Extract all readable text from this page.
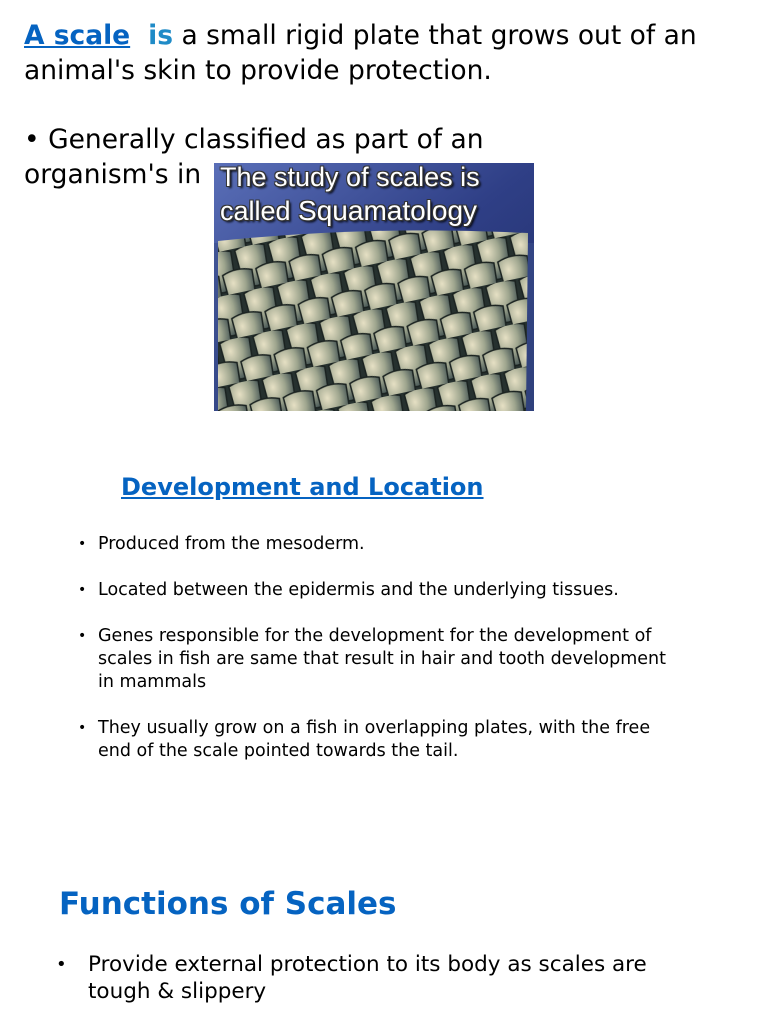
A scale is a small rigid plate that grows out of an animal's skin to provide protection.

• Generally classified as part of an organism's in The study of scales is
called Squamatology

Development and Location
• Produced from the mesoderm.
• Located between the epidermis and the underlying tissues.
• Genes responsible for the development for the development of scales in fish are same that result in hair and tooth development in mammals
• They usually grow on a fish in overlapping plates, with the free end of the scale pointed towards the tail.
Functions of Scales
• Provide external protection to its body as scales are tough & slippery
